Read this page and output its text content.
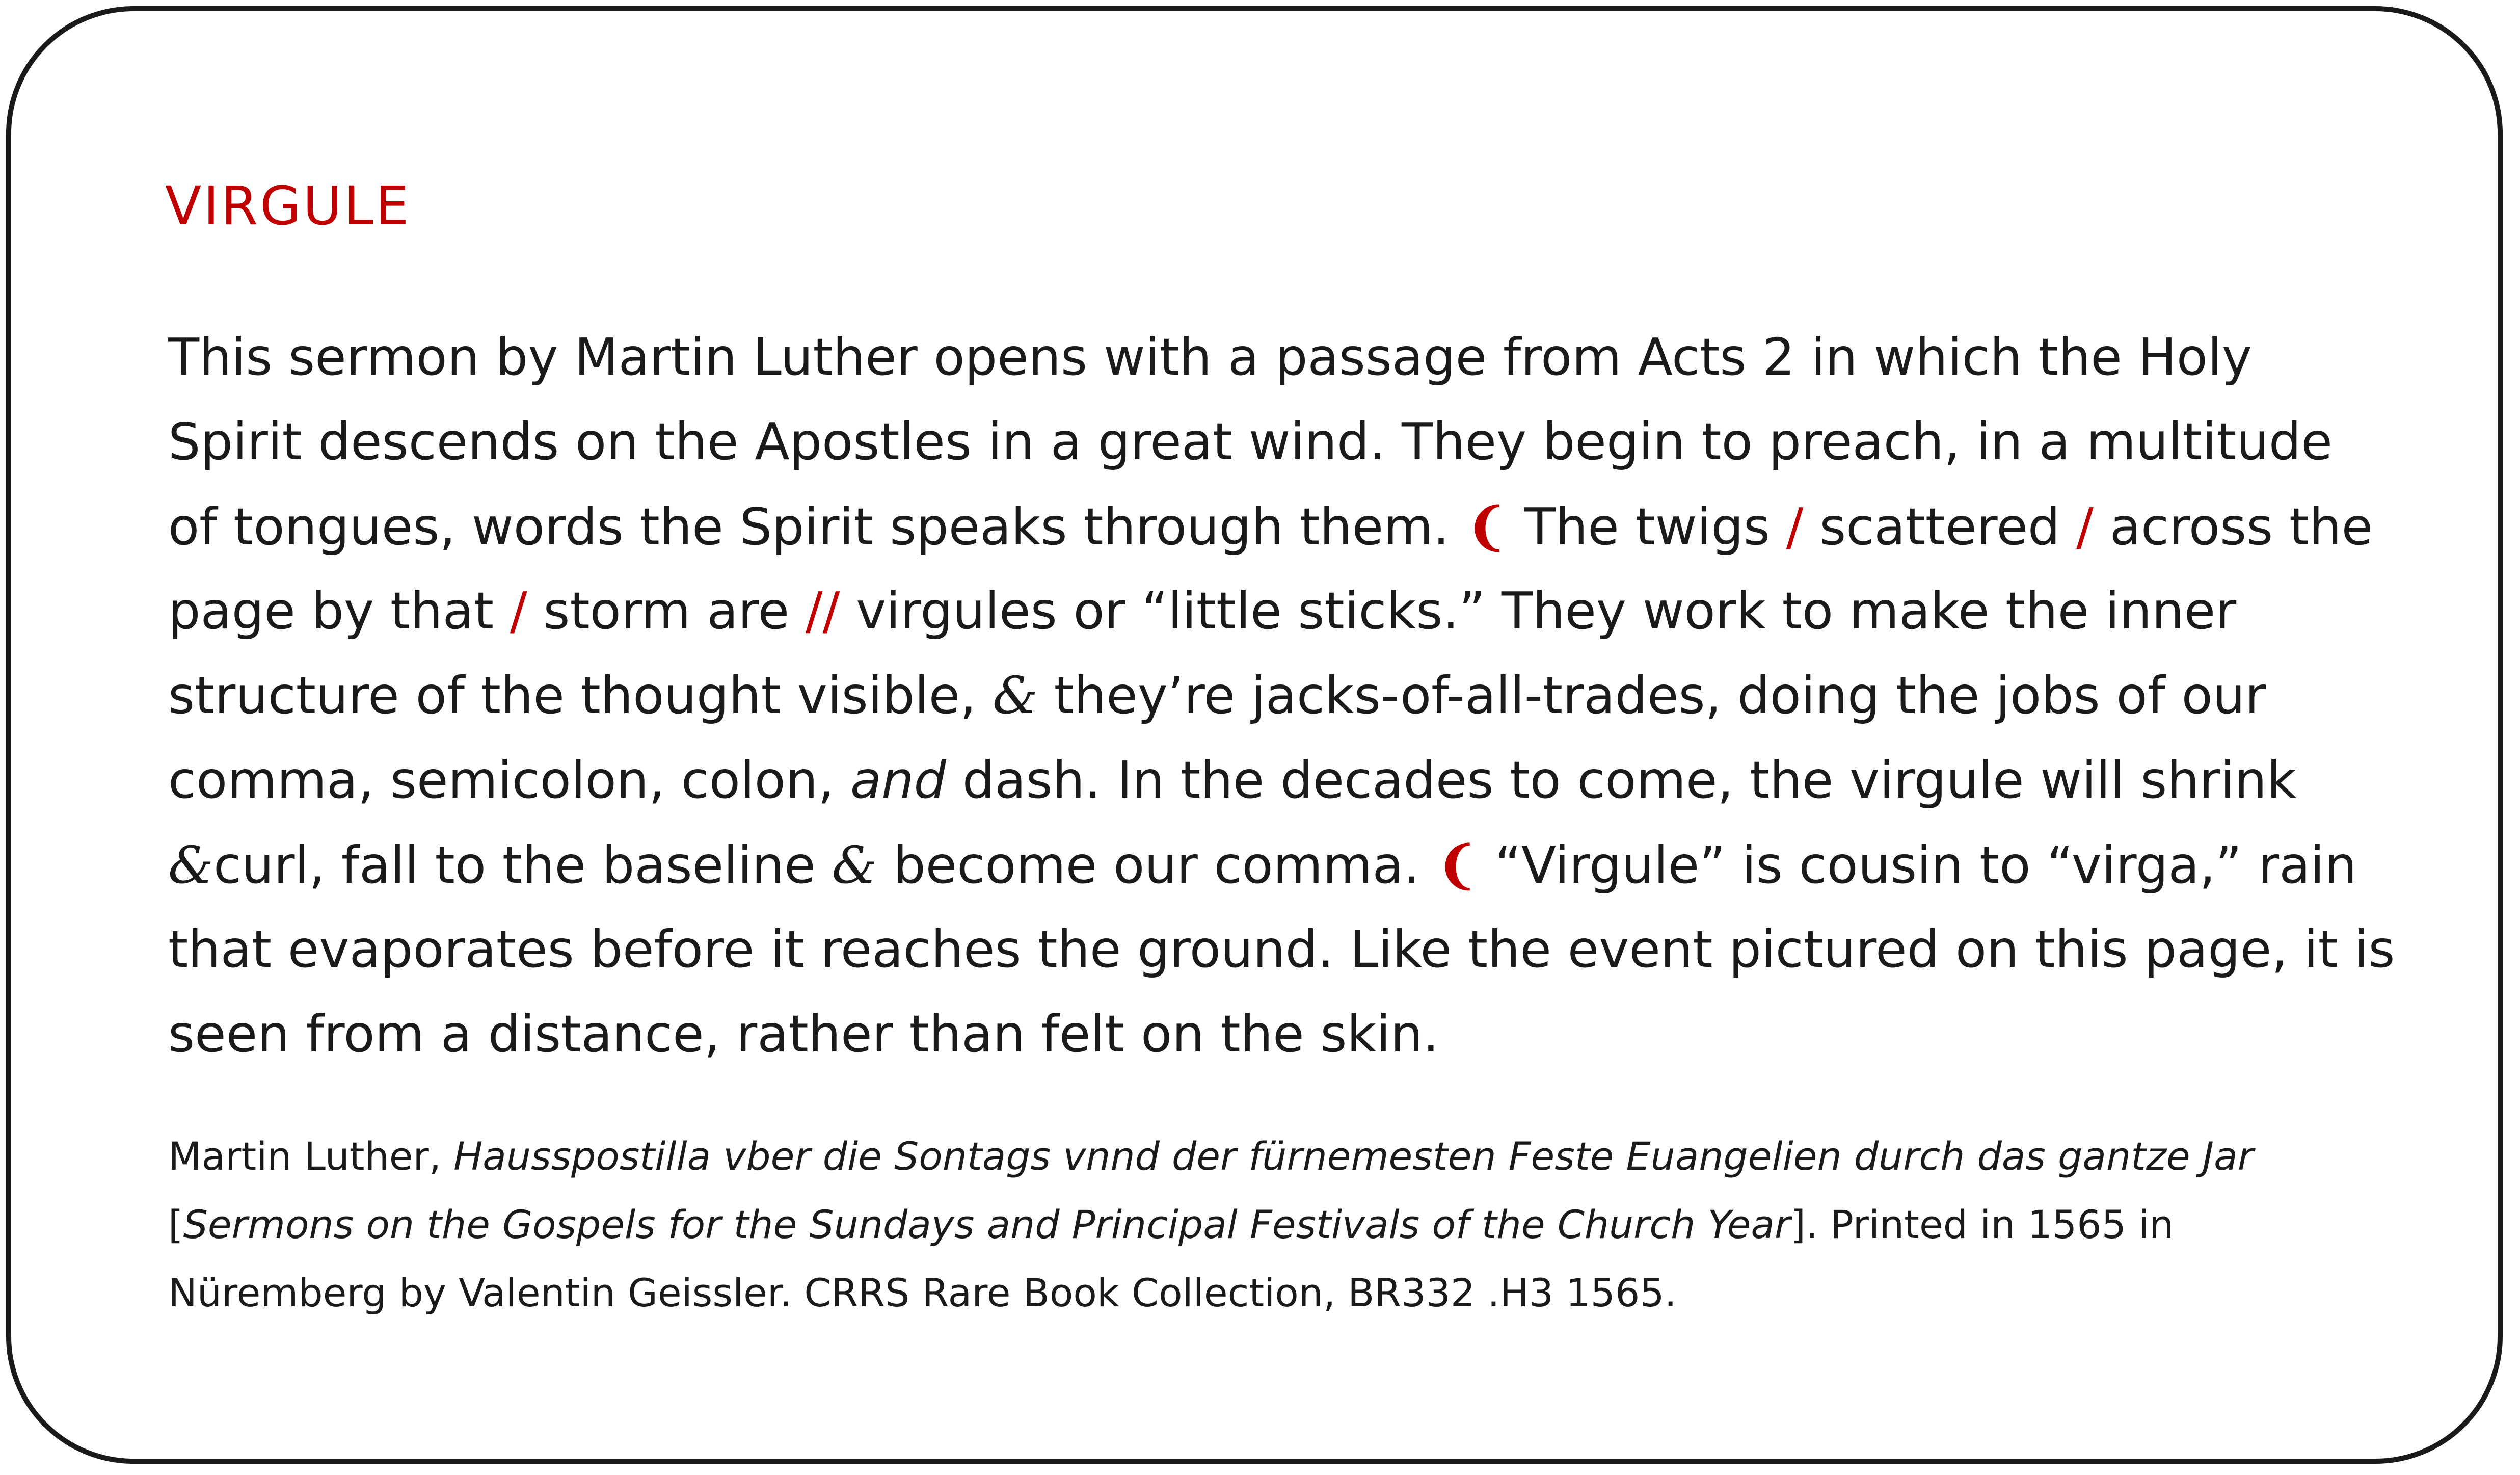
VIRGULE
This sermon by Martin Luther opens with a passage from Acts 2 in which the Holy
Spirit descends on the Apostles in a great wind. They begin to preach, in a multitude
of tongues, words the Spirit speaks through them. ❨ The twigs / scattered ∕ across the
page by that / storm are ∕/ virgules or “little sticks.” They work to make the inner
structure of the thought visible, & they’re jacks-of-all-trades, doing the jobs of our
comma, semicolon, colon, and dash. In the decades to come, the virgule will shrink
&curl, fall to the baseline & become our comma. ❨ “Virgule” is cousin to “virga,” rain
that evaporates before it reaches the ground. Like the event pictured on this page, it is
seen from a distance, rather than felt on the skin.
Martin Luther, Hausspostilla vber die Sontags vnnd der fürnemesten Feste Euangelien durch das gantze Jar
[Sermons on the Gospels for the Sundays and Principal Festivals of the Church Year]. Printed in 1565 in
Nüremberg by Valentin Geissler. CRRS Rare Book Collection, BR332 .H3 1565.
